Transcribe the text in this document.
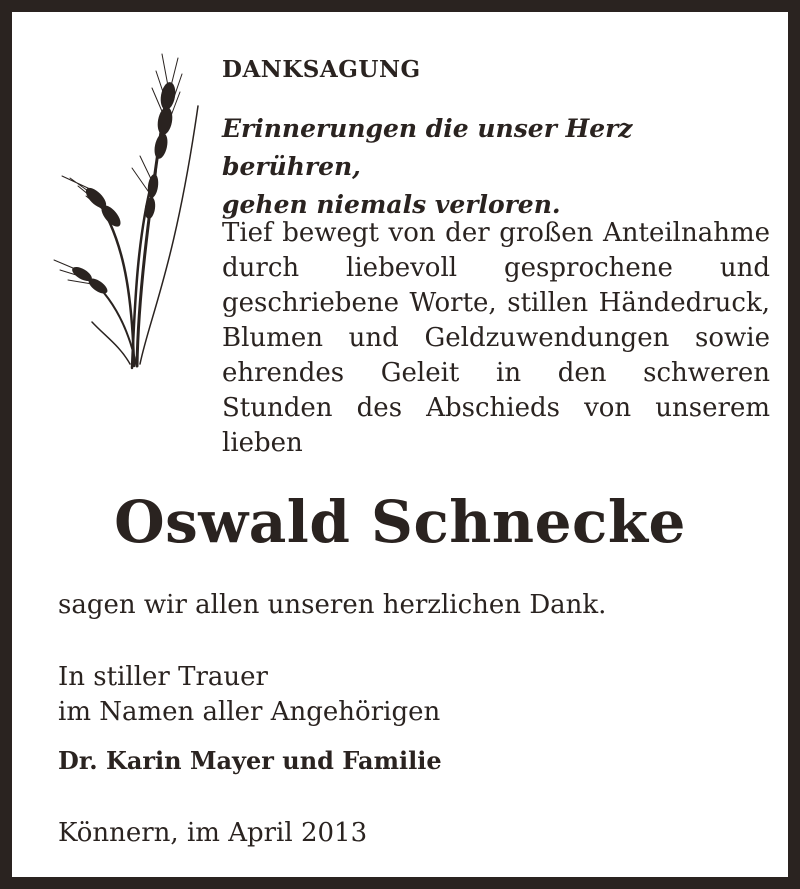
DANKSAGUNG
Erinnerungen die unser Herz berühren,
gehen niemals verloren.
Tief bewegt von der großen Anteilnahme durch liebevoll gesprochene und geschriebene Worte, stillen Händedruck, Blumen und Geldzuwendungen sowie ehrendes Geleit in den schweren Stunden des Abschieds von unserem lieben
Oswald Schnecke
sagen wir allen unseren herzlichen Dank.
In stiller Trauer
im Namen aller Angehörigen
Dr. Karin Mayer und Familie
Könnern, im April 2013
